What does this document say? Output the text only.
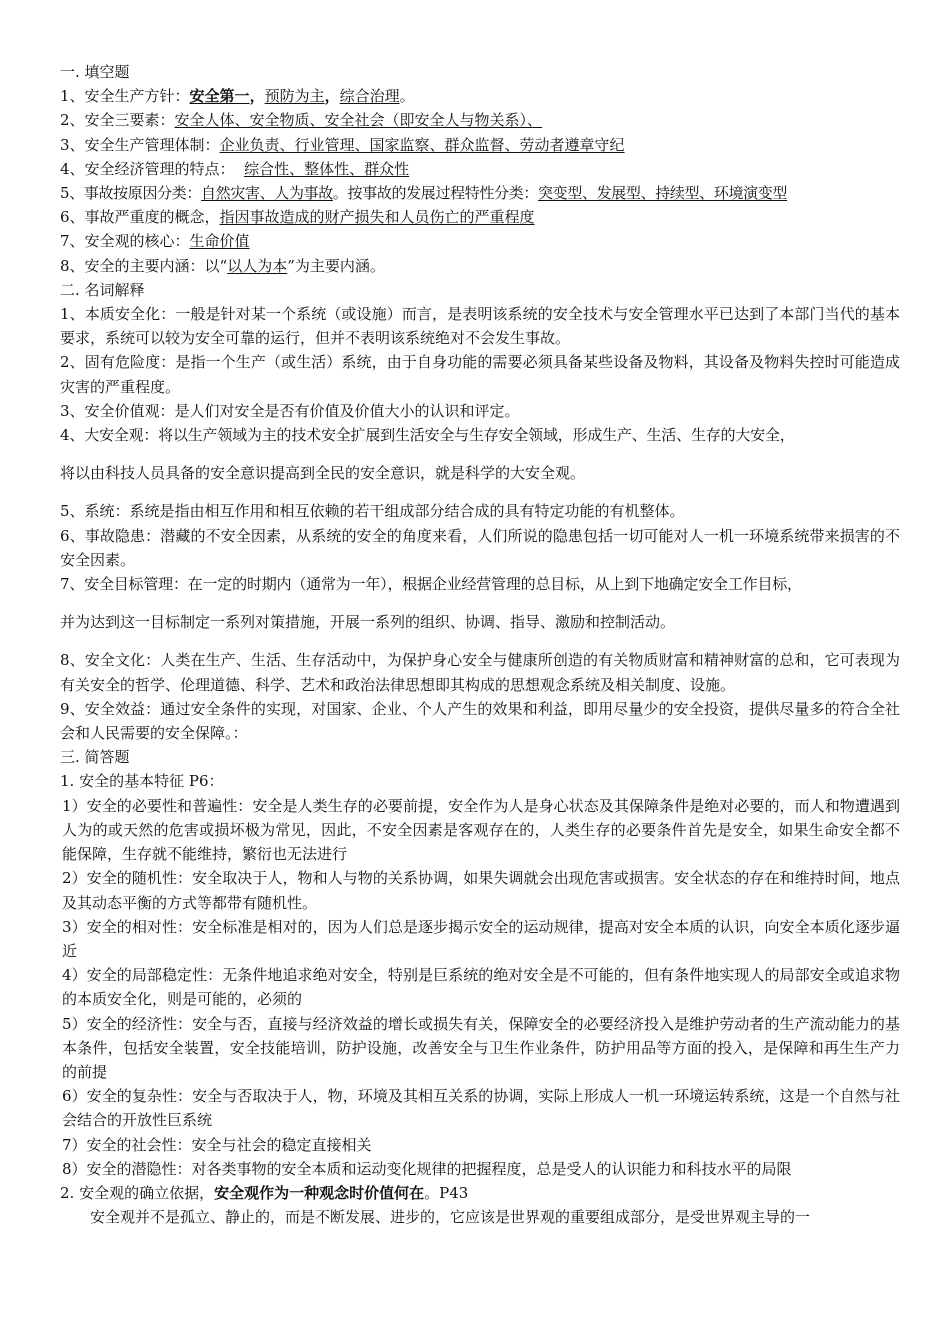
一. 填空题
1、安全生产方针：安全第一，预防为主，综合治理。
2、安全三要素：安全人体、安全物质、安全社会（即安全人与物关系）、
3、安全生产管理体制：企业负责、行业管理、国家监察、群众监督、劳动者遵章守纪
4、安全经济管理的特点： 综合性、整体性、群众性
5、事故按原因分类：自然灾害、人为事故。按事故的发展过程特性分类：突变型、发展型、持续型、环境演变型
6、事故严重度的概念，指因事故造成的财产损失和人员伤亡的严重程度
7、安全观的核心：生命价值
8、安全的主要内涵：以“以人为本”为主要内涵。
二. 名词解释
1、本质安全化：一般是针对某一个系统（或设施）而言，是表明该系统的安全技术与安全管理水平已达到了本部门当代的基本要求，系统可以较为安全可靠的运行，但并不表明该系统绝对不会发生事故。
2、固有危险度：是指一个生产（或生活）系统，由于自身功能的需要必须具备某些设备及物料，其设备及物料失控时可能造成灾害的严重程度。
3、安全价值观：是人们对安全是否有价值及价值大小的认识和评定。
4、大安全观：将以生产领域为主的技术安全扩展到生活安全与生存安全领域，形成生产、生活、生存的大安全，
将以由科技人员具备的安全意识提高到全民的安全意识，就是科学的大安全观。
5、系统：系统是指由相互作用和相互依赖的若干组成部分结合成的具有特定功能的有机整体。
6、事故隐患：潜藏的不安全因素，从系统的安全的角度来看，人们所说的隐患包括一切可能对人一机一环境系统带来损害的不安全因素。
7、安全目标管理：在一定的时期内（通常为一年），根据企业经营管理的总目标，从上到下地确定安全工作目标，
并为达到这一目标制定一系列对策措施，开展一系列的组织、协调、指导、激励和控制活动。
8、安全文化：人类在生产、生活、生存活动中，为保护身心安全与健康所创造的有关物质财富和精神财富的总和，它可表现为有关安全的哲学、伦理道德、科学、艺术和政治法律思想即其构成的思想观念系统及相关制度、设施。
9、安全效益：通过安全条件的实现，对国家、企业、个人产生的效果和利益，即用尽量少的安全投资，提供尽量多的符合全社会和人民需要的安全保障。：
三. 简答题
1. 安全的基本特征 P6：
1）安全的必要性和普遍性：安全是人类生存的必要前提，安全作为人是身心状态及其保障条件是绝对必要的，而人和物遭遇到人为的或天然的危害或损坏极为常见，因此，不安全因素是客观存在的，人类生存的必要条件首先是安全，如果生命安全都不能保障，生存就不能维持，繁衍也无法进行
2）安全的随机性：安全取决于人，物和人与物的关系协调，如果失调就会出现危害或损害。安全状态的存在和维持时间，地点及其动态平衡的方式等都带有随机性。
3）安全的相对性：安全标准是相对的，因为人们总是逐步揭示安全的运动规律，提高对安全本质的认识，向安全本质化逐步逼近
4）安全的局部稳定性：无条件地追求绝对安全，特别是巨系统的绝对安全是不可能的，但有条件地实现人的局部安全或追求物的本质安全化，则是可能的，必须的
5）安全的经济性：安全与否，直接与经济效益的增长或损失有关，保障安全的必要经济投入是维护劳动者的生产流动能力的基本条件，包括安全装置，安全技能培训，防护设施，改善安全与卫生作业条件，防护用品等方面的投入，是保障和再生生产力的前提
6）安全的复杂性：安全与否取决于人，物，环境及其相互关系的协调，实际上形成人一机一环境运转系统，这是一个自然与社会结合的开放性巨系统
7）安全的社会性：安全与社会的稳定直接相关
8）安全的潜隐性：对各类事物的安全本质和运动变化规律的把握程度，总是受人的认识能力和科技水平的局限
2. 安全观的确立依据，安全观作为一种观念时价值何在。P43
安全观并不是孤立、静止的，而是不断发展、进步的，它应该是世界观的重要组成部分，是受世界观主导的一
